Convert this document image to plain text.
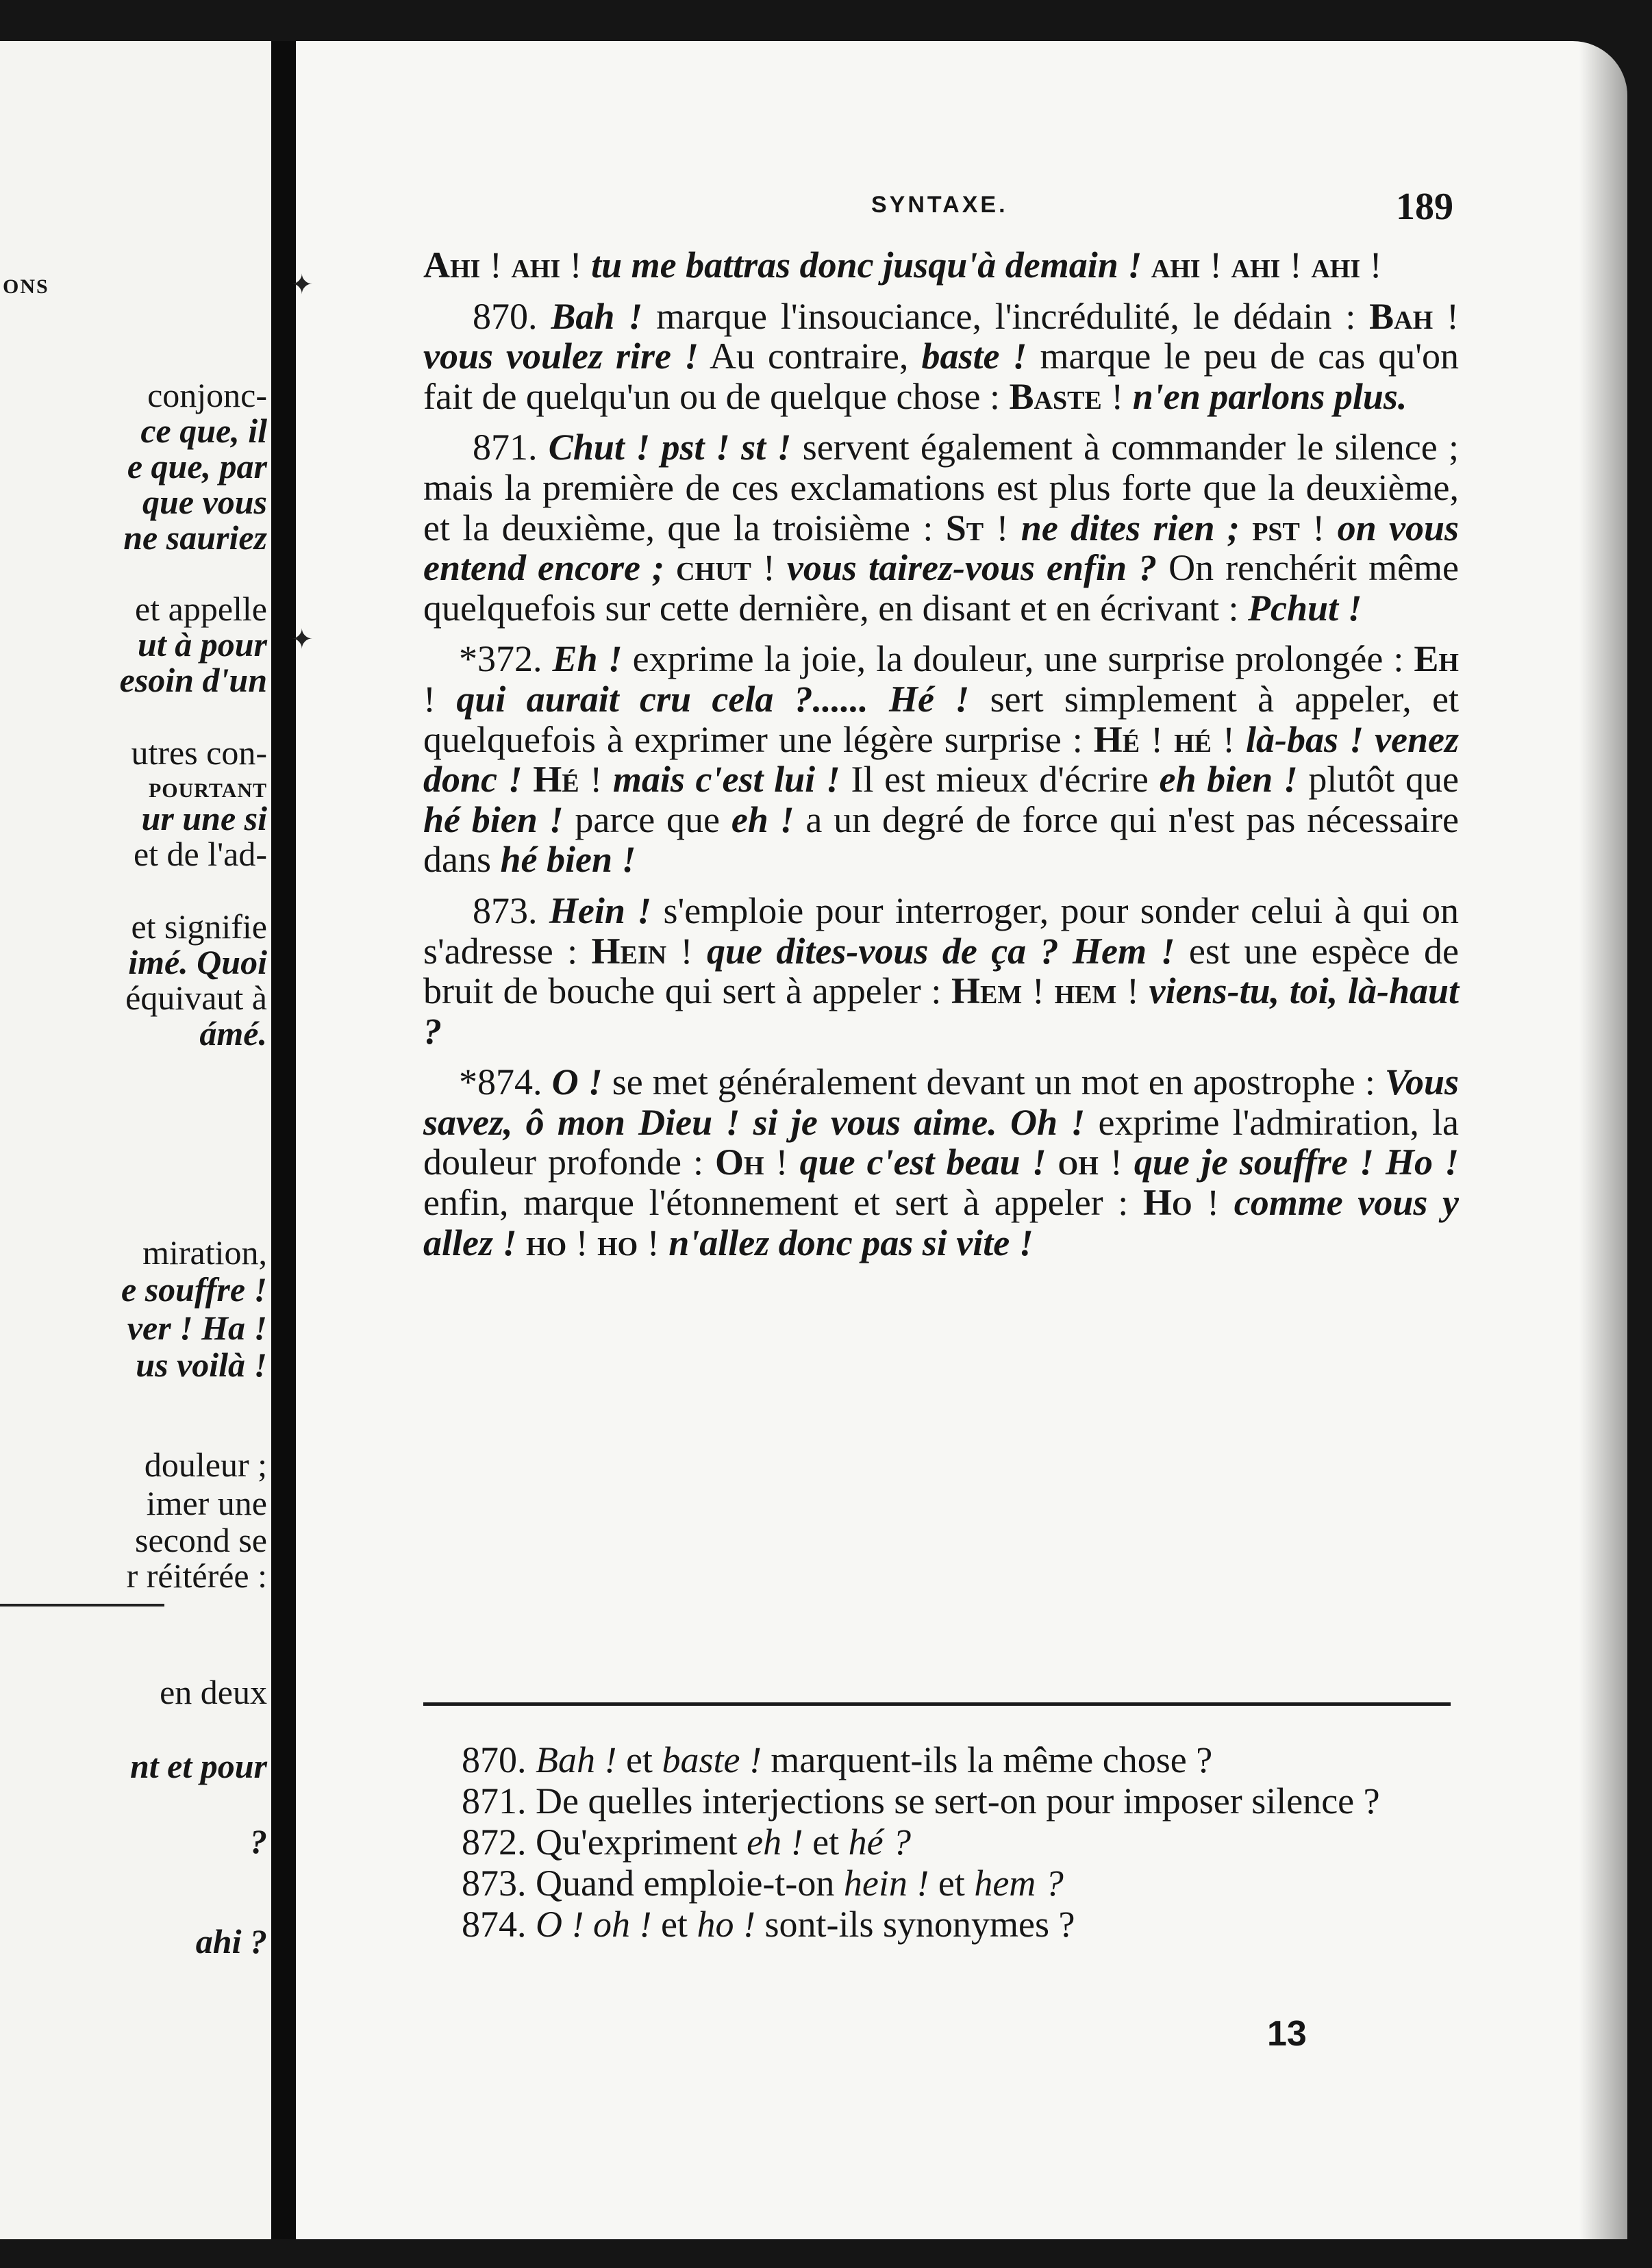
ONS
conjonc-
ce que, il
e que, par
que vous
ne sauriez
et appelle
ut à pour
esoin d'un
utres con-
POURTANT
ur une si
et de l'ad-
et signifie
imé. Quoi
équivaut à
ámé.
miration,
e souffre !
ver ! Ha !
us voilà !
douleur ;
imer une
second se
r réitérée :
en deux
nt et pour
?
ahi ?
SYNTAXE.	189

Ahi ! ahi ! tu me battras donc jusqu'à demain ! ahi ! ahi ! ahi !

870. Bah ! marque l'insouciance, l'incrédulité, le dédain : Bah ! vous voulez rire ! Au contraire, baste ! marque le peu de cas qu'on fait de quelqu'un ou de quelque chose : Baste ! n'en parlons plus.

871. Chut ! pst ! st ! servent également à commander le silence ; mais la première de ces exclamations est plus forte que la deuxième, et la deuxième, que la troisième : St ! ne dites rien ; pst ! on vous entend encore ; chut ! vous tairez-vous enfin ? On renchérit même quelquefois sur cette dernière, en disant et en écrivant : Pchut !

*372. Eh ! exprime la joie, la douleur, une surprise prolongée : Eh ! qui aurait cru cela ?...... Hé ! sert simplement à appeler, et quelquefois à exprimer une légère surprise : Hé ! hé ! là-bas ! venez donc ! Hé ! mais c'est lui ! Il est mieux d'écrire eh bien ! plutôt que hé bien ! parce que eh ! a un degré de force qui n'est pas nécessaire dans hé bien !

873. Hein ! s'emploie pour interroger, pour sonder celui à qui on s'adresse : Hein ! que dites-vous de ça ? Hem ! est une espèce de bruit de bouche qui sert à appeler : Hem ! hem ! viens-tu, toi, là-haut ?

*874. O ! se met généralement devant un mot en apostrophe : Vous savez, ô mon Dieu ! si je vous aime. Oh ! exprime l'admiration, la douleur profonde : Oh ! que c'est beau ! oh ! que je souffre ! Ho ! enfin, marque l'étonnement et sert à appeler : Ho ! comme vous y allez ! ho ! ho ! n'allez donc pas si vite !

870. Bah ! et baste ! marquent-ils la même chose ?

871. De quelles interjections se sert-on pour imposer silence ?

872. Qu'expriment eh ! et hé ?

873. Quand emploie-t-on hein ! et hem ?

874. O ! oh ! et ho ! sont-ils synonymes ?

13
✦
✦
